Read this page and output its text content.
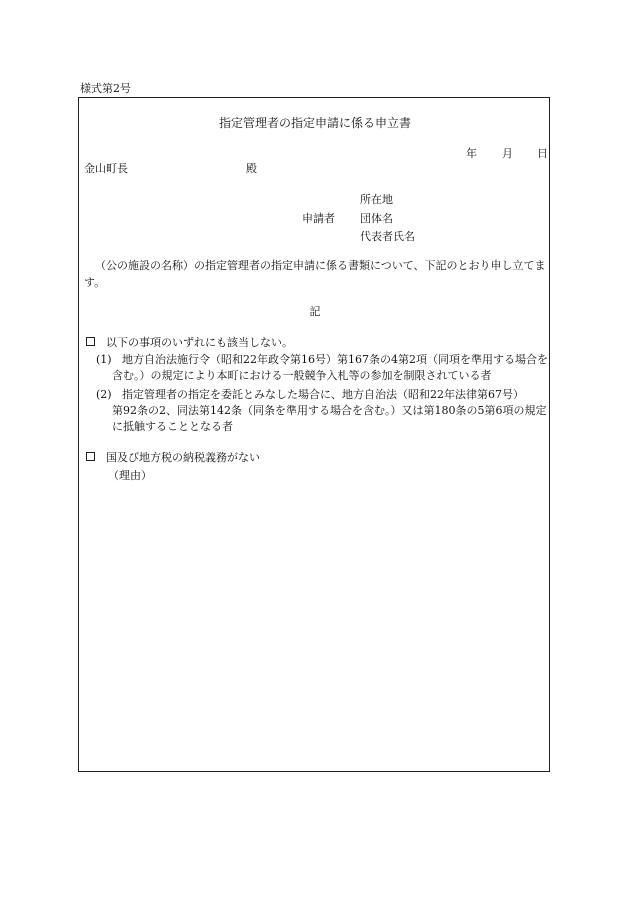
様式第2号
指定管理者の指定申請に係る申立書
年 月 日
金山町長	殿
申請者
所在地
団体名
代表者氏名
（公の施設の名称）の指定管理者の指定申請に係る書類について、下記のとおり申し立てます。
記
以下の事項のいずれにも該当しない。
(1) 地方自治法施行令（昭和22年政令第16号）第167条の4第2項（同項を準用する場合を
含む。）の規定により本町における一般競争入札等の参加を制限されている者
(2) 指定管理者の指定を委託とみなした場合に、地方自治法（昭和22年法律第67号）
第92条の2、同法第142条（同条を準用する場合を含む。）又は第180条の5第6項の規定
に抵触することとなる者
国及び地方税の納税義務がない
（理由）
